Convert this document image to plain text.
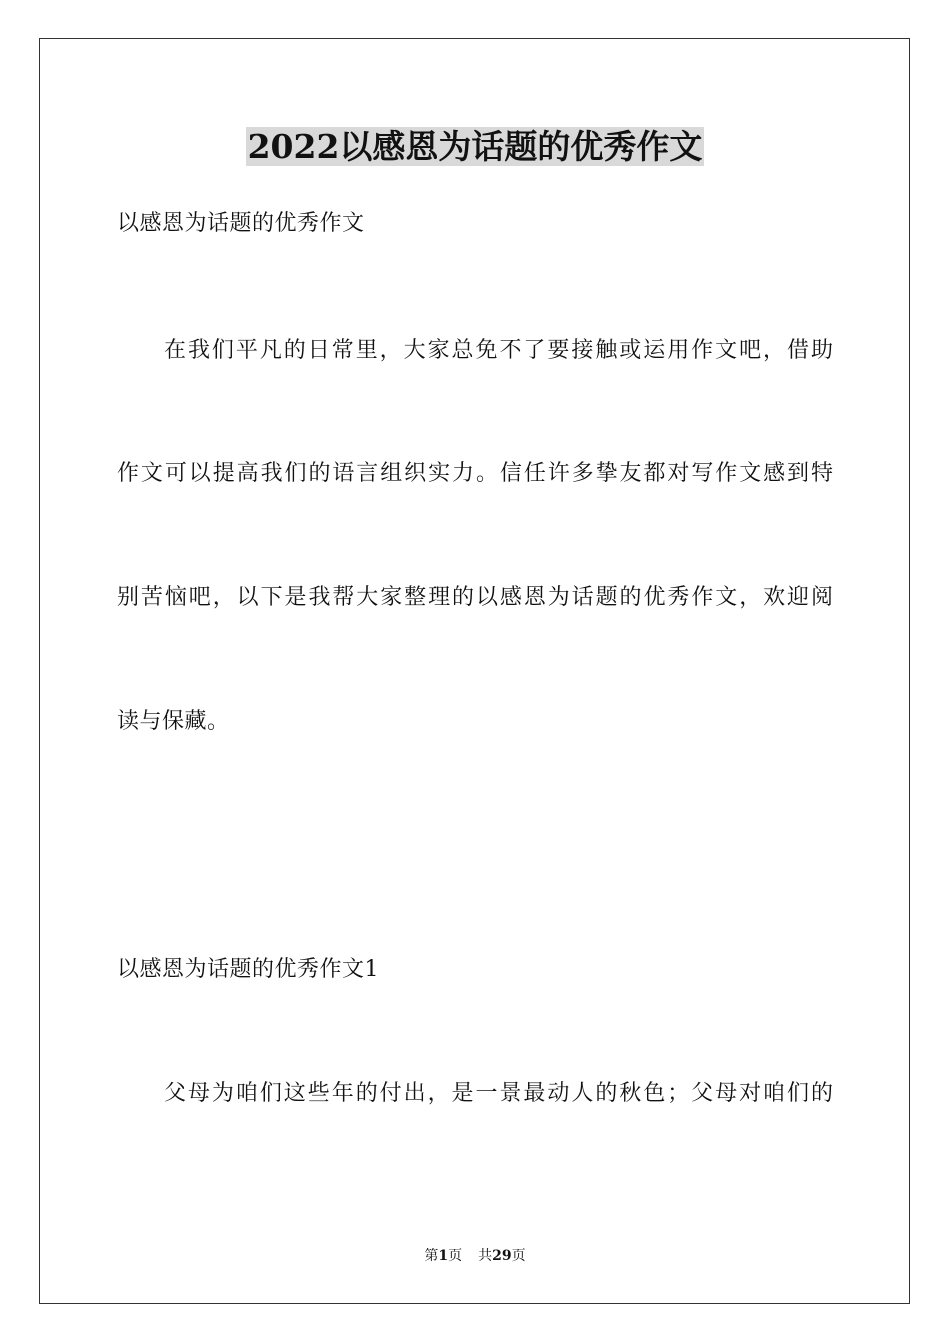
2022以感恩为话题的优秀作文
以感恩为话题的优秀作文
在我们平凡的日常里，大家总免不了要接触或运用作文吧，借助
作文可以提高我们的语言组织实力。信任许多挚友都对写作文感到特
别苦恼吧，以下是我帮大家整理的以感恩为话题的优秀作文，欢迎阅
读与保藏。
以感恩为话题的优秀作文1
父母为咱们这些年的付出，是一景最动人的秋色；父母对咱们的
第1页 共29页
